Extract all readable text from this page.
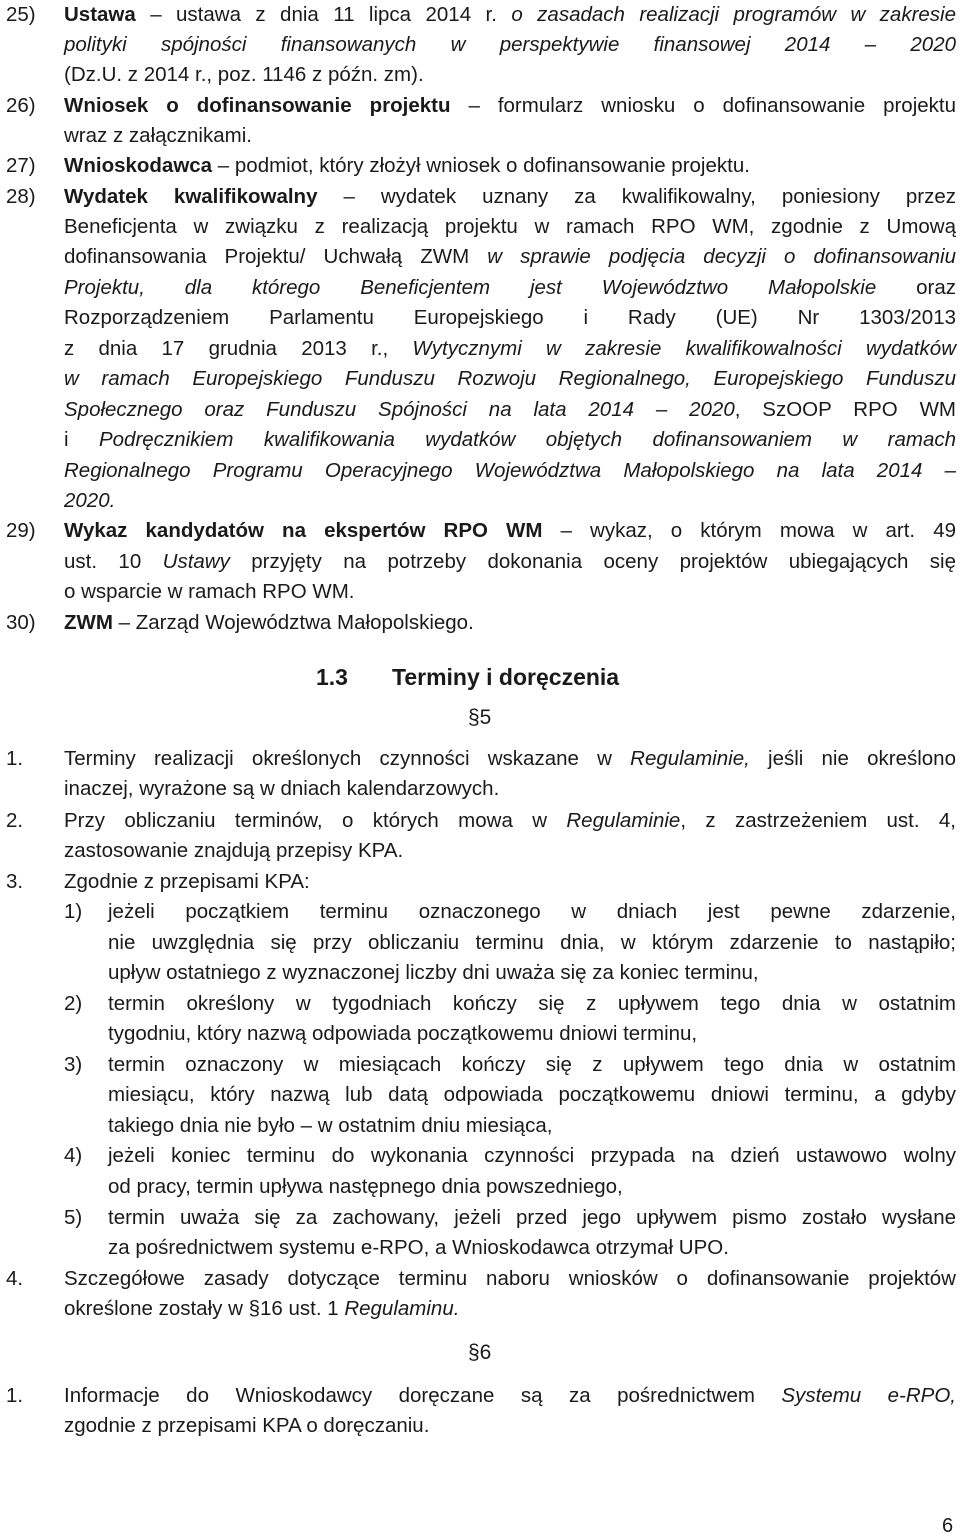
25) Ustawa – ustawa z dnia 11 lipca 2014 r. o zasadach realizacji programów w zakresie
polityki spójności finansowanych w perspektywie finansowej 2014 – 2020
(Dz.U. z 2014 r., poz. 1146 z późn. zm).
26) Wniosek o dofinansowanie projektu – formularz wniosku o dofinansowanie projektu
wraz z załącznikami.
27) Wnioskodawca – podmiot, który złożył wniosek o dofinansowanie projektu.
28) Wydatek kwalifikowalny – wydatek uznany za kwalifikowalny, poniesiony przez
Beneficjenta w związku z realizacją projektu w ramach RPO WM, zgodnie z Umową
dofinansowania Projektu/ Uchwałą ZWM w sprawie podjęcia decyzji o dofinansowaniu
Projektu, dla którego Beneficjentem jest Województwo Małopolskie oraz
Rozporządzeniem Parlamentu Europejskiego i Rady (UE) Nr 1303/2013
z dnia 17 grudnia 2013 r., Wytycznymi w zakresie kwalifikowalności wydatków
w ramach Europejskiego Funduszu Rozwoju Regionalnego, Europejskiego Funduszu
Społecznego oraz Funduszu Spójności na lata 2014 – 2020, SzOOP RPO WM
i Podręcznikiem kwalifikowania wydatków objętych dofinansowaniem w ramach
Regionalnego Programu Operacyjnego Województwa Małopolskiego na lata 2014 –
2020.
29) Wykaz kandydatów na ekspertów RPO WM – wykaz, o którym mowa w art. 49
ust. 10 Ustawy przyjęty na potrzeby dokonania oceny projektów ubiegających się
o wsparcie w ramach RPO WM.
30) ZWM – Zarząd Województwa Małopolskiego.
1.3 Terminy i doręczenia
§5
1. Terminy realizacji określonych czynności wskazane w Regulaminie, jeśli nie określono
inaczej, wyrażone są w dniach kalendarzowych.
2. Przy obliczaniu terminów, o których mowa w Regulaminie, z zastrzeżeniem ust. 4,
zastosowanie znajdują przepisy KPA.
3. Zgodnie z przepisami KPA:
1) jeżeli początkiem terminu oznaczonego w dniach jest pewne zdarzenie,
nie uwzględnia się przy obliczaniu terminu dnia, w którym zdarzenie to nastąpiło;
upływ ostatniego z wyznaczonej liczby dni uważa się za koniec terminu,
2) termin określony w tygodniach kończy się z upływem tego dnia w ostatnim
tygodniu, który nazwą odpowiada początkowemu dniowi terminu,
3) termin oznaczony w miesiącach kończy się z upływem tego dnia w ostatnim
miesiącu, który nazwą lub datą odpowiada początkowemu dniowi terminu, a gdyby
takiego dnia nie było – w ostatnim dniu miesiąca,
4) jeżeli koniec terminu do wykonania czynności przypada na dzień ustawowo wolny
od pracy, termin upływa następnego dnia powszedniego,
5) termin uważa się za zachowany, jeżeli przed jego upływem pismo zostało wysłane
za pośrednictwem systemu e-RPO, a Wnioskodawca otrzymał UPO.
4. Szczegółowe zasady dotyczące terminu naboru wniosków o dofinansowanie projektów
określone zostały w §16 ust. 1 Regulaminu.
§6
1. Informacje do Wnioskodawcy doręczane są za pośrednictwem Systemu e-RPO,
zgodnie z przepisami KPA o doręczaniu.
6
